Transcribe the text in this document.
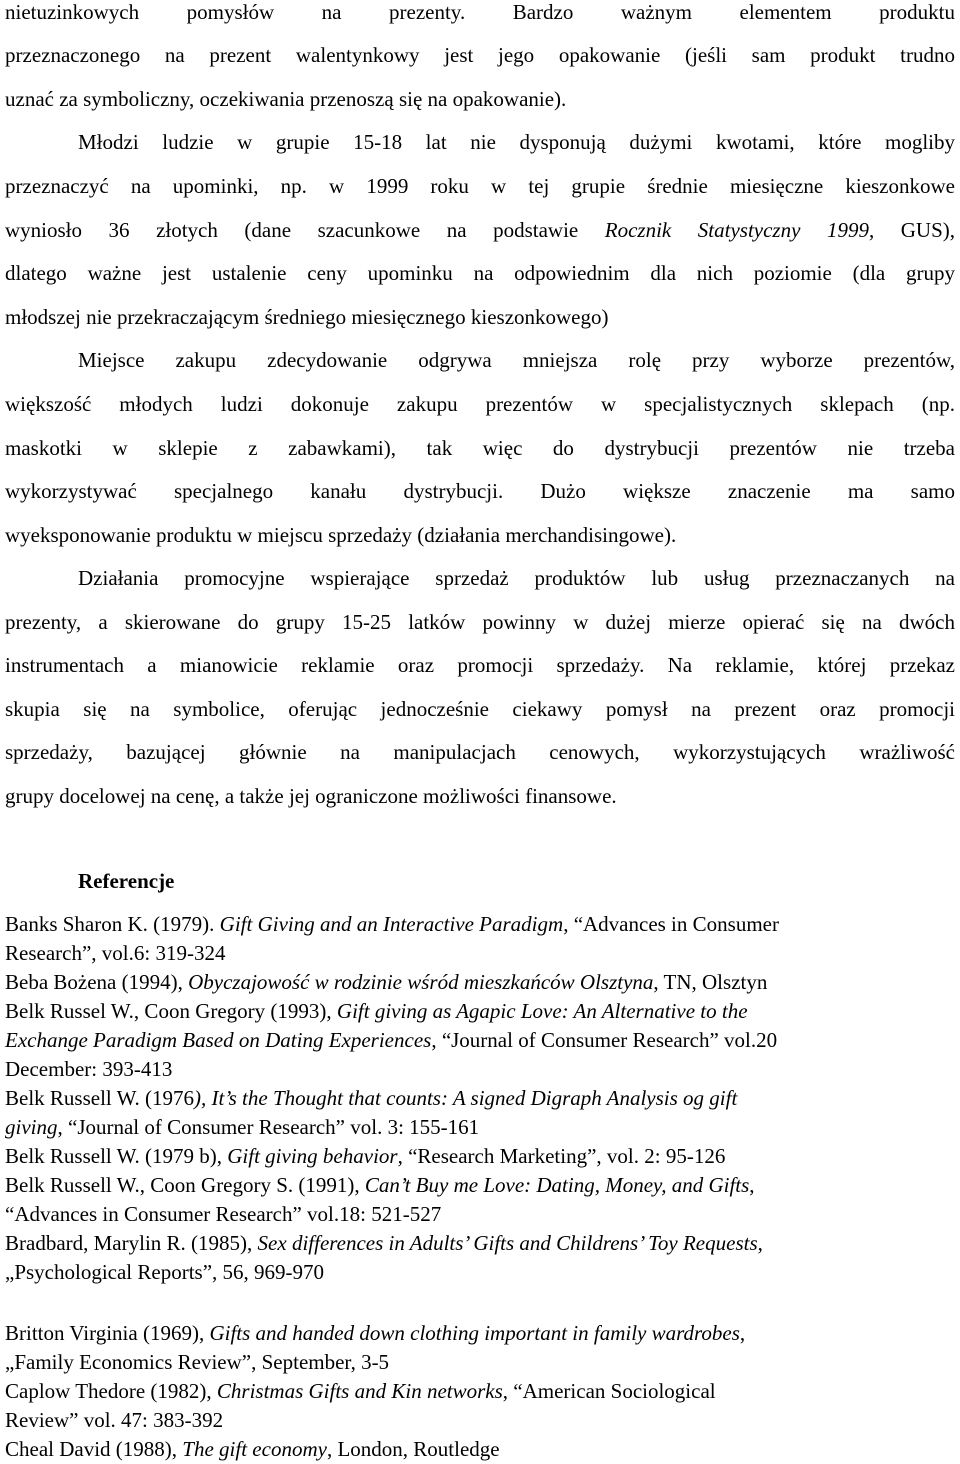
nietuzinkowych pomysłów na prezenty. Bardzo ważnym elementem produktu
przeznaczonego na prezent walentynkowy jest jego opakowanie (jeśli sam produkt trudno
uznać za symboliczny, oczekiwania przenoszą się na opakowanie).
Młodzi ludzie w grupie 15-18 lat nie dysponują dużymi kwotami, które mogliby
przeznaczyć na upominki, np. w 1999 roku w tej grupie średnie miesięczne kieszonkowe
wyniosło 36 złotych (dane szacunkowe na podstawie Rocznik Statystyczny 1999, GUS),
dlatego ważne jest ustalenie ceny upominku na odpowiednim dla nich poziomie (dla grupy
młodszej nie przekraczającym średniego miesięcznego kieszonkowego)
Miejsce zakupu zdecydowanie odgrywa mniejsza rolę przy wyborze prezentów,
większość młodych ludzi dokonuje zakupu prezentów w specjalistycznych sklepach (np.
maskotki w sklepie z zabawkami), tak więc do dystrybucji prezentów nie trzeba
wykorzystywać specjalnego kanału dystrybucji. Dużo większe znaczenie ma samo
wyeksponowanie produktu w miejscu sprzedaży (działania merchandisingowe).
Działania promocyjne wspierające sprzedaż produktów lub usług przeznaczanych na
prezenty, a skierowane do grupy 15-25 latków powinny w dużej mierze opierać się na dwóch
instrumentach a mianowicie reklamie oraz promocji sprzedaży. Na reklamie, której przekaz
skupia się na symbolice, oferując jednocześnie ciekawy pomysł na prezent oraz promocji
sprzedaży, bazującej głównie na manipulacjach cenowych, wykorzystujących wrażliwość
grupy docelowej na cenę, a także jej ograniczone możliwości finansowe.
Referencje
Banks Sharon K. (1979). Gift Giving and an Interactive Paradigm, “Advances in Consumer
Research”, vol.6: 319-324
Beba Bożena (1994), Obyczajowość w rodzinie wśród mieszkańców Olsztyna, TN, Olsztyn
Belk Russel W., Coon Gregory (1993), Gift giving as Agapic Love: An Alternative to the
Exchange Paradigm Based on Dating Experiences, “Journal of Consumer Research” vol.20
December: 393-413
Belk Russell W. (1976), It’s the Thought that counts: A signed Digraph Analysis og gift
giving, “Journal of Consumer Research” vol. 3: 155-161
Belk Russell W. (1979 b), Gift giving behavior, “Research Marketing”, vol. 2: 95-126
Belk Russell W., Coon Gregory S. (1991), Can’t Buy me Love: Dating, Money, and Gifts,
“Advances in Consumer Research” vol.18: 521-527
Bradbard, Marylin R. (1985), Sex differences in Adults’ Gifts and Childrens’ Toy Requests,
„Psychological Reports”, 56, 969-970
Britton Virginia (1969), Gifts and handed down clothing important in family wardrobes,
„Family Economics Review”, September, 3-5
Caplow Thedore (1982), Christmas Gifts and Kin networks, “American Sociological
Review” vol. 47: 383-392
Cheal David (1988), The gift economy, London, Routledge
